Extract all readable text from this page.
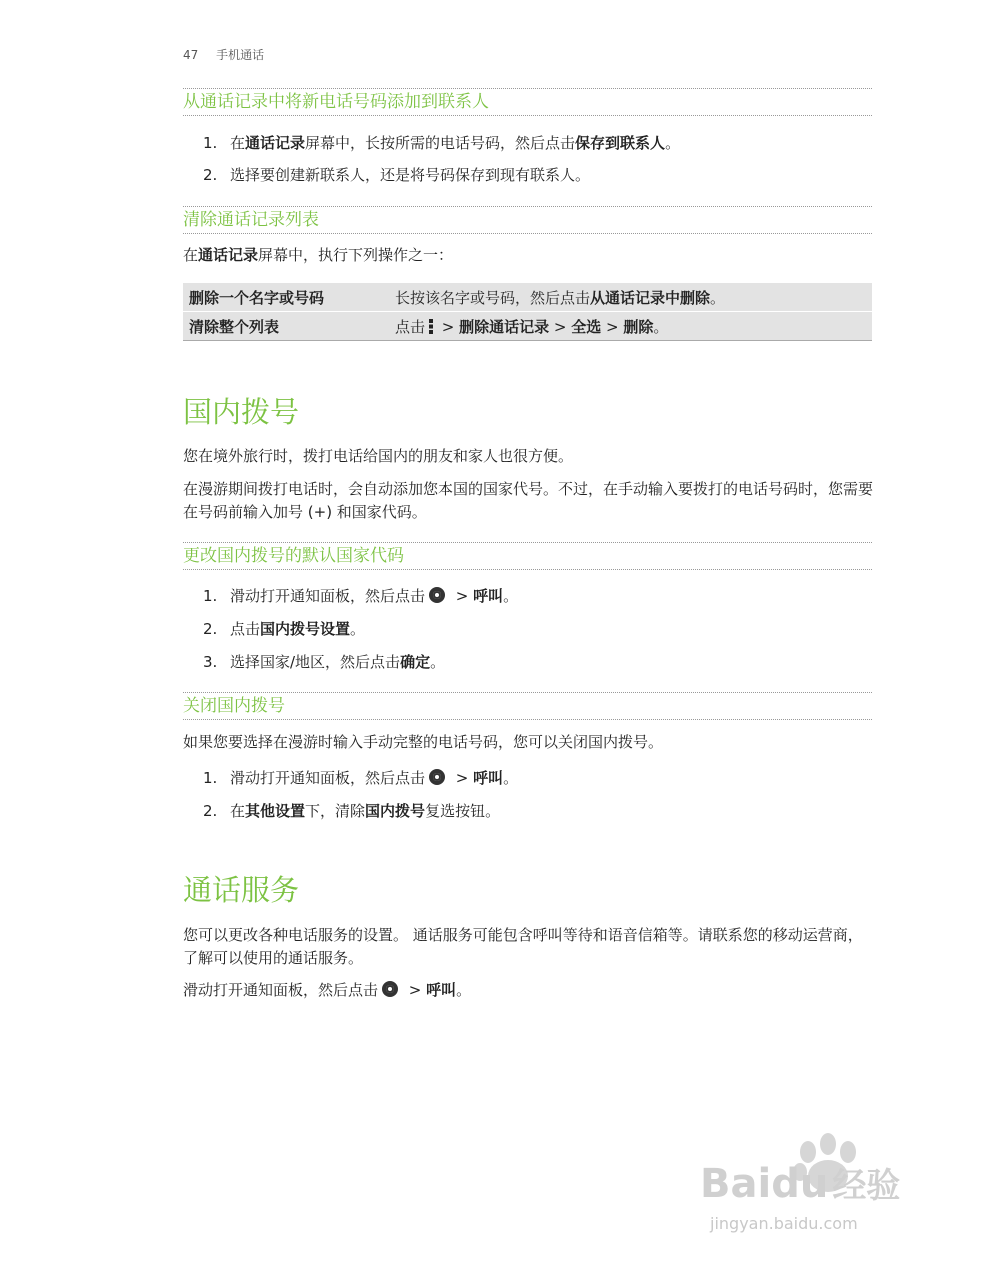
47 手机通话
从通话记录中将新电话号码添加到联系人
1. 在通话记录屏幕中，长按所需的电话号码，然后点击保存到联系人。
2. 选择要创建新联系人，还是将号码保存到现有联系人。
清除通话记录列表
在通话记录屏幕中，执行下列操作之一：
删除一个名字或号码	长按该名字或号码，然后点击从通话记录中删除。
清除整个列表	点击 > 删除通话记录 > 全选 > 删除。
国内拨号
您在境外旅行时，拨打电话给国内的朋友和家人也很方便。
在漫游期间拨打电话时，会自动添加您本国的国家代号。不过，在手动输入要拨打的电话号码时，您需要在号码前输入加号 (+) 和国家代码。
更改国内拨号的默认国家代码
1. 滑动打开通知面板，然后点击 > 呼叫。
2. 点击国内拨号设置。
3. 选择国家/地区，然后点击确定。
关闭国内拨号
如果您要选择在漫游时输入手动完整的电话号码，您可以关闭国内拨号。
1. 滑动打开通知面板，然后点击 > 呼叫。
2. 在其他设置下，清除国内拨号复选按钮。
通话服务
您可以更改各种电话服务的设置。 通话服务可能包含呼叫等待和语音信箱等。请联系您的移动运营商，了解可以使用的通话服务。
滑动打开通知面板，然后点击 > 呼叫。
Baidu 经验
jingyan.baidu.com
